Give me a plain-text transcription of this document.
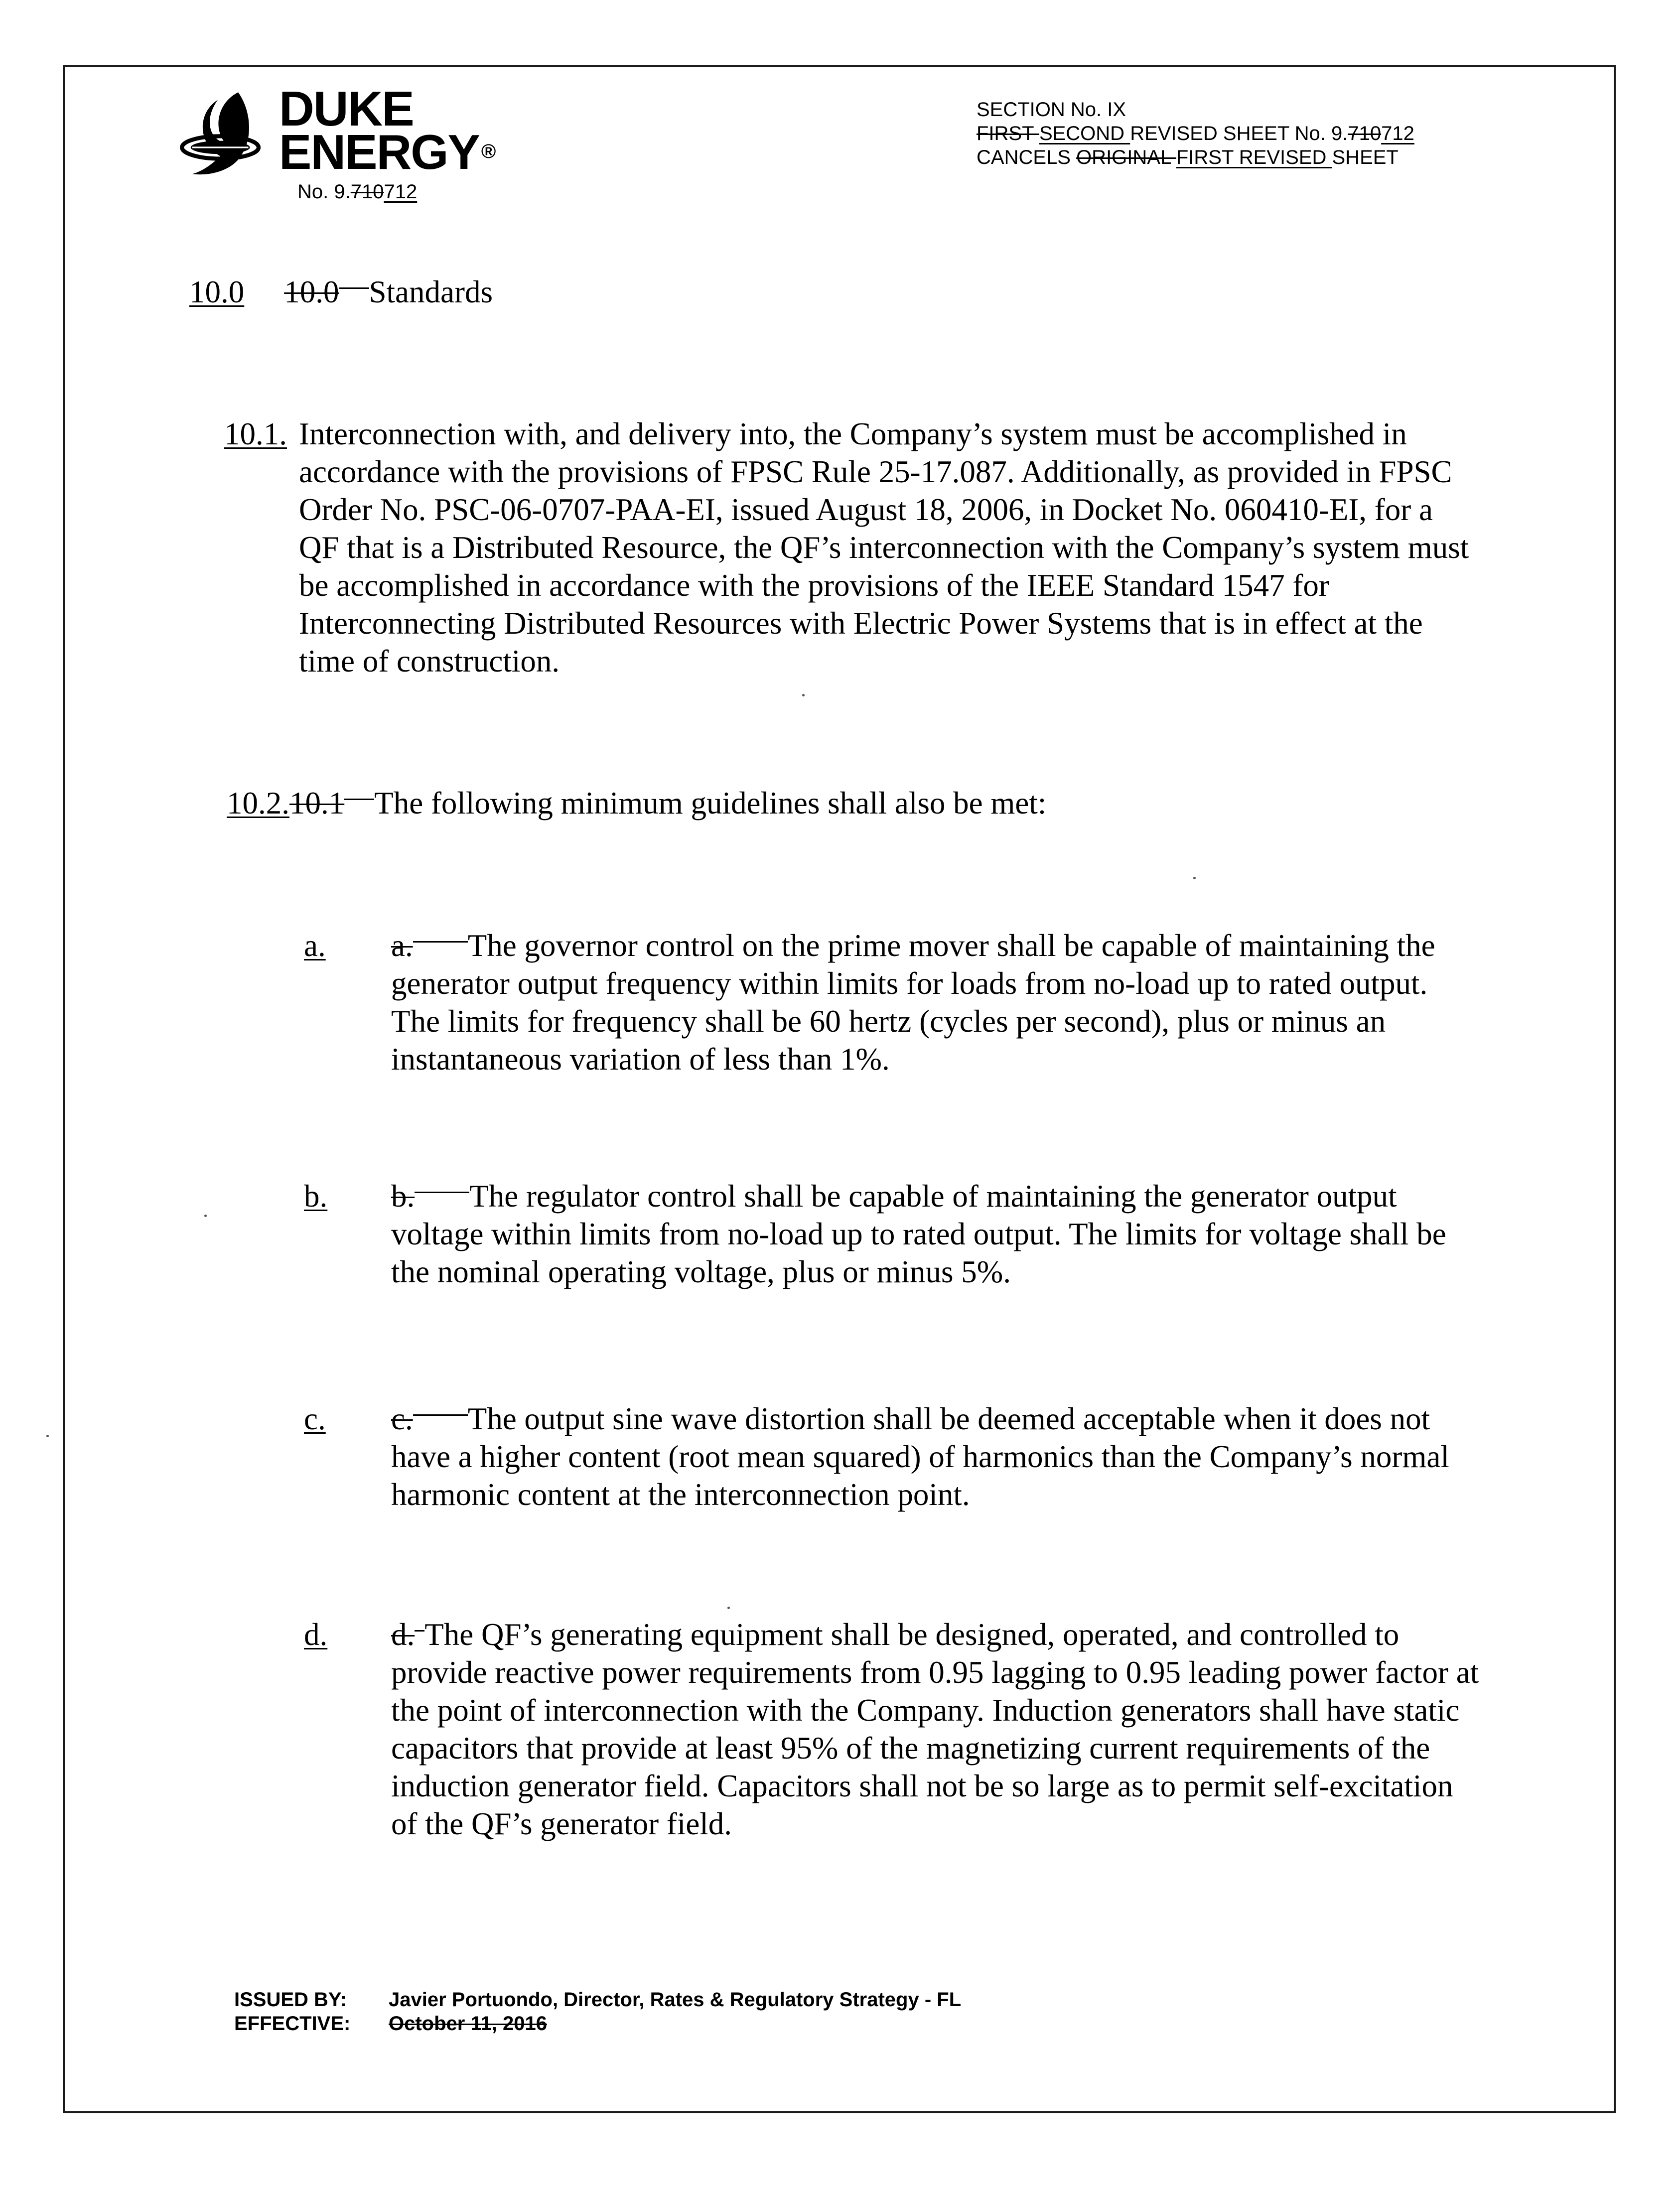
DUKE
ENERGY ®
No. 9.710712
SECTION No. IX
FIRST SECOND REVISED SHEET No. 9.710712
CANCELS ORIGINAL FIRST REVISED SHEET
10.0 10.0 Standards
10.1. Interconnection with, and delivery into, the Company’s system must be accomplished in accordance with the provisions of FPSC Rule 25-17.087. Additionally, as provided in FPSC Order No. PSC-06-0707-PAA-EI, issued August 18, 2006, in Docket No. 060410-EI, for a QF that is a Distributed Resource, the QF’s interconnection with the Company’s system must be accomplished in accordance with the provisions of the IEEE Standard 1547 for Interconnecting Distributed Resources with Electric Power Systems that is in effect at the time of construction.
10.2.10.1 The following minimum guidelines shall also be met:
a.	a. The governor control on the prime mover shall be capable of maintaining the generator output frequency within limits for loads from no-load up to rated output. The limits for frequency shall be 60 hertz (cycles per second), plus or minus an instantaneous variation of less than 1%.
b.	b. The regulator control shall be capable of maintaining the generator output voltage within limits from no-load up to rated output. The limits for voltage shall be the nominal operating voltage, plus or minus 5%.
c.	c. The output sine wave distortion shall be deemed acceptable when it does not have a higher content (root mean squared) of harmonics than the Company’s normal harmonic content at the interconnection point.
d.	d. The QF’s generating equipment shall be designed, operated, and controlled to provide reactive power requirements from 0.95 lagging to 0.95 leading power factor at the point of interconnection with the Company. Induction generators shall have static capacitors that provide at least 95% of the magnetizing current requirements of the induction generator field. Capacitors shall not be so large as to permit self-excitation of the QF’s generator field.
ISSUED BY: Javier Portuondo, Director, Rates & Regulatory Strategy - FL
EFFECTIVE: October 11, 2016
